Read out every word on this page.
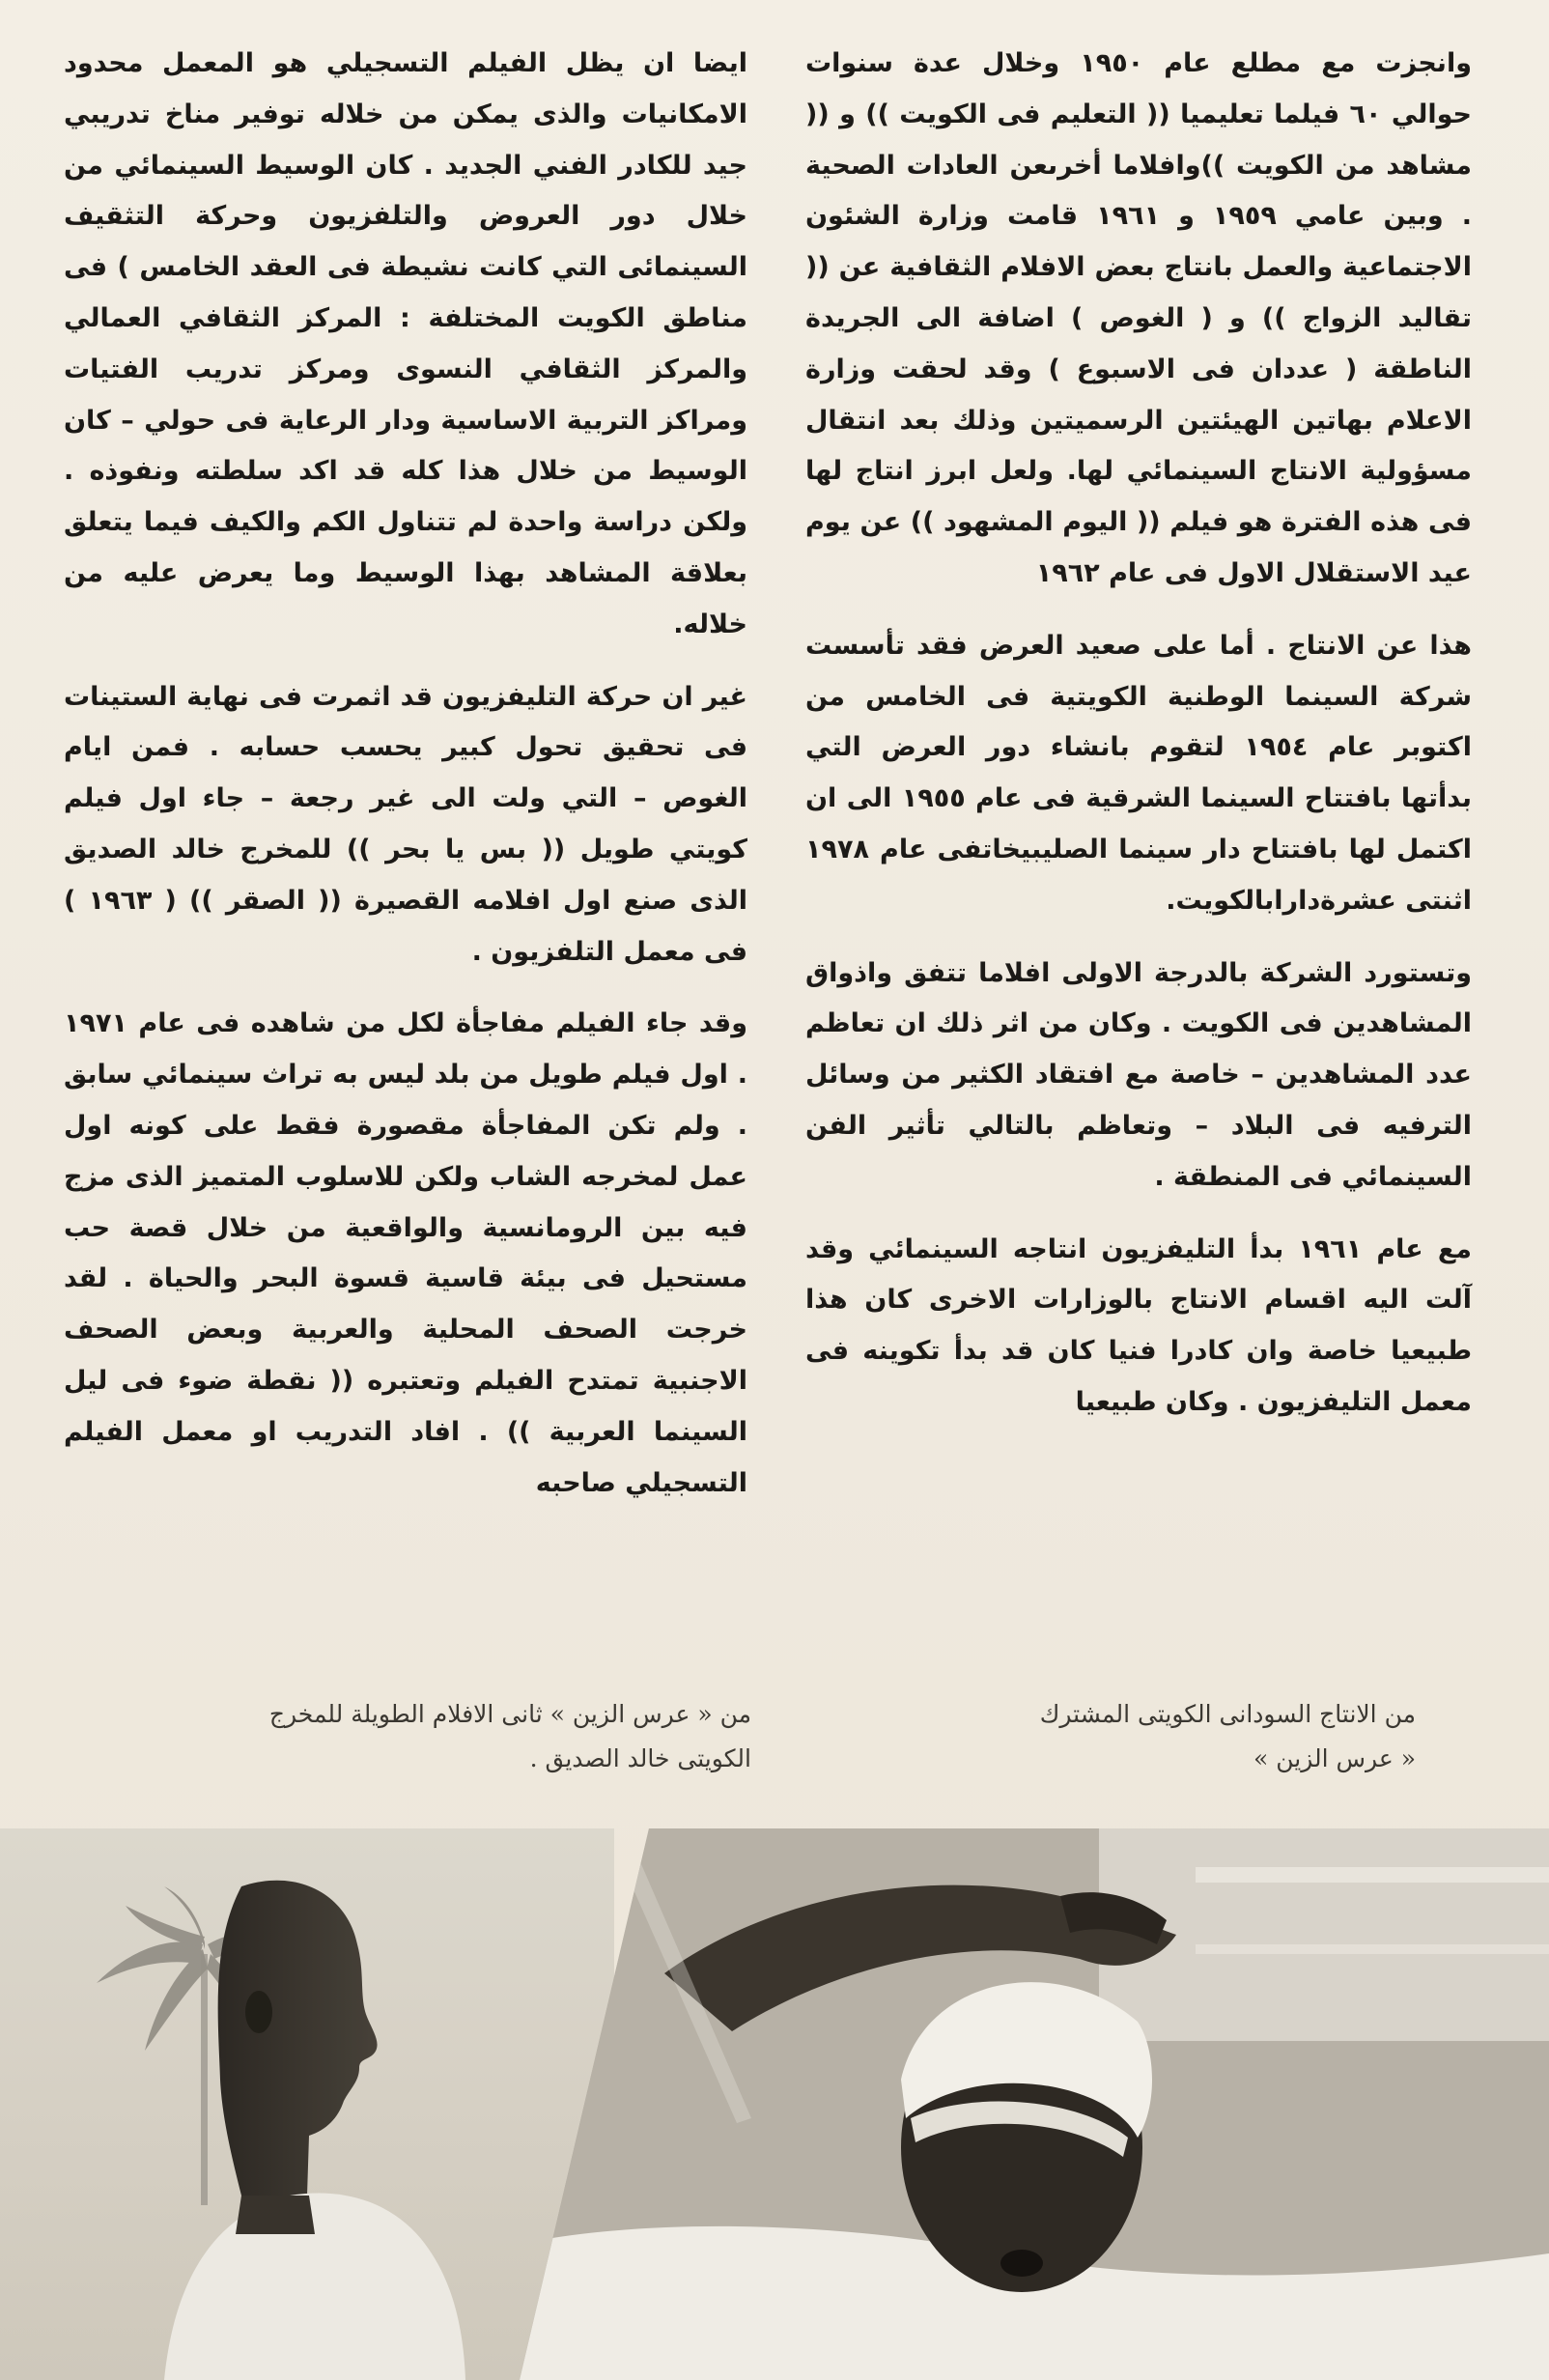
وانجزت مع مطلع عام ١٩٥٠ وخلال عدة سنوات حوالي ٦٠ فيلما تعليميا (( التعليم فى الكويت )) و (( مشاهد من الكويت ))وافلاما أخرىعن العادات الصحية . وبين عامي ١٩٥٩ و ١٩٦١ قامت وزارة الشئون الاجتماعية والعمل بانتاج بعض الافلام الثقافية عن (( تقاليد الزواج )) و ( الغوص ) اضافة الى الجريدة الناطقة ( عددان فى الاسبوع ) وقد لحقت وزارة الاعلام بهاتين الهيئتين الرسميتين وذلك بعد انتقال مسؤولية الانتاج السينمائي لها. ولعل ابرز انتاج لها فى هذه الفترة هو فيلم (( اليوم المشهود )) عن يوم عيد الاستقلال الاول فى عام ١٩٦٢

هذا عن الانتاج . أما على صعيد العرض فقد تأسست شركة السينما الوطنية الكويتية فى الخامس من اكتوبر عام ١٩٥٤ لتقوم بانشاء دور العرض التي بدأتها بافتتاح السينما الشرقية فى عام ١٩٥٥ الى ان اكتمل لها بافتتاح دار سينما الصليبيخاتفى عام ١٩٧٨ اثنتى عشرةدارابالكويت.

وتستورد الشركة بالدرجة الاولى افلاما تتفق واذواق المشاهدين فى الكويت . وكان من اثر ذلك ان تعاظم عدد المشاهدين – خاصة مع افتقاد الكثير من وسائل الترفيه فى البلاد – وتعاظم بالتالي تأثير الفن السينمائي فى المنطقة .

مع عام ١٩٦١ بدأ التليفزيون انتاجه السينمائي وقد آلت اليه اقسام الانتاج بالوزارات الاخرى كان هذا طبيعيا خاصة وان كادرا فنيا كان قد بدأ تكوينه فى معمل التليفزيون . وكان طبيعيا

ايضا ان يظل الفيلم التسجيلي هو المعمل محدود الامكانيات والذى يمكن من خلاله توفير مناخ تدريبي جيد للكادر الفني الجديد . كان الوسيط السينمائي من خلال دور العروض والتلفزيون وحركة التثقيف السينمائى التي كانت نشيطة فى العقد الخامس ) فى مناطق الكويت المختلفة : المركز الثقافي العمالي والمركز الثقافي النسوى ومركز تدريب الفتيات ومراكز التربية الاساسية ودار الرعاية فى حولي – كان الوسيط من خلال هذا كله قد اكد سلطته ونفوذه . ولكن دراسة واحدة لم تتناول الكم والكيف فيما يتعلق بعلاقة المشاهد بهذا الوسيط وما يعرض عليه من خلاله.

غير ان حركة التليفزيون قد اثمرت فى نهاية الستينات فى تحقيق تحول كبير يحسب حسابه . فمن ايام الغوص – التي ولت الى غير رجعة – جاء اول فيلم كويتي طويل (( بس يا بحر )) للمخرج خالد الصديق الذى صنع اول افلامه القصيرة (( الصقر )) ( ١٩٦٣ ) فى معمل التلفزيون .

وقد جاء الفيلم مفاجأة لكل من شاهده فى عام ١٩٧١ . اول فيلم طويل من بلد ليس به تراث سينمائي سابق . ولم تكن المفاجأة مقصورة فقط على كونه اول عمل لمخرجه الشاب ولكن للاسلوب المتميز الذى مزج فيه بين الرومانسية والواقعية من خلال قصة حب مستحيل فى بيئة قاسية قسوة البحر والحياة . لقد خرجت الصحف المحلية والعربية وبعض الصحف الاجنبية تمتدح الفيلم وتعتبره (( نقطة ضوء فى ليل السينما العربية )) . افاد التدريب او معمل الفيلم التسجيلي صاحبه

من الانتاج السودانى الكويتى المشترك

« عرس الزين »

من « عرس الزين » ثانى الافلام الطويلة للمخرج

الكويتى خالد الصديق .
